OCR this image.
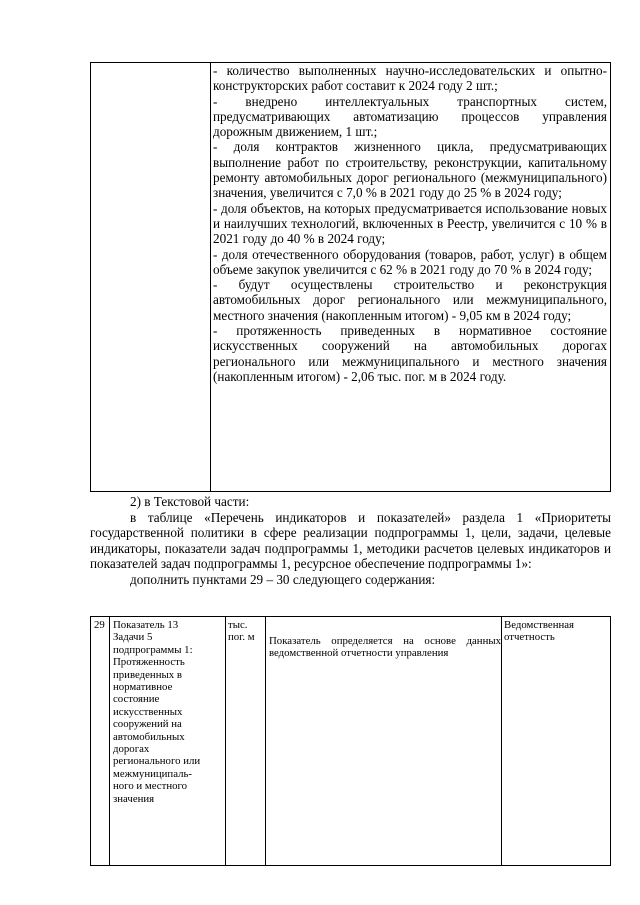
- количество выполненных научно-исследовательских и опытно-конструкторских работ составит к 2024 году 2 шт.;

- внедрено интеллектуальных транспортных систем, предусматривающих автоматизацию процессов управления дорожным движением, 1 шт.;

- доля контрактов жизненного цикла, предусматривающих выполнение работ по строительству, реконструкции, капитальному ремонту автомобильных дорог регионального (межмуниципального) значения, увеличится с 7,0 % в 2021 году до 25 % в 2024 году;

- доля объектов, на которых предусматривается использование новых и наилучших технологий, включенных в Реестр, увеличится с 10 % в 2021 году до 40 % в 2024 году;

- доля отечественного оборудования (товаров, работ, услуг) в общем объеме закупок увеличится с 62 % в 2021 году до 70 % в 2024 году;

- будут осуществлены строительство и реконструкция автомобильных дорог регионального или межмуниципального, местного значения (накопленным итогом) - 9,05 км в 2024 году;

- протяженность приведенных в нормативное состояние искусственных сооружений на автомобильных дорогах регионального или межмуниципального и местного значения (накопленным итогом) - 2,06 тыс. пог. м в 2024 году.

2) в Текстовой части:

в таблице «Перечень индикаторов и показателей» раздела 1 «Приоритеты государственной политики в сфере реализации подпрограммы 1, цели, задачи, целевые индикаторы, показатели задач подпрограммы 1, методики расчетов целевых индикаторов и показателей задач подпрограммы 1, ресурсное обеспечение подпрограммы 1»:

дополнить пунктами 29 – 30 следующего содержания:

29 Показатель 13
Задачи 5
подпрограммы 1:
Протяженность
приведенных в
нормативное
состояние
искусственных
сооружений на
автомобильных
дорогах
регионального или
межмуниципаль-
ного и местного
значения
тыс. пог. м	Показатель определяется на основе данных ведомственной отчетности управления
Ведомственная отчетность
